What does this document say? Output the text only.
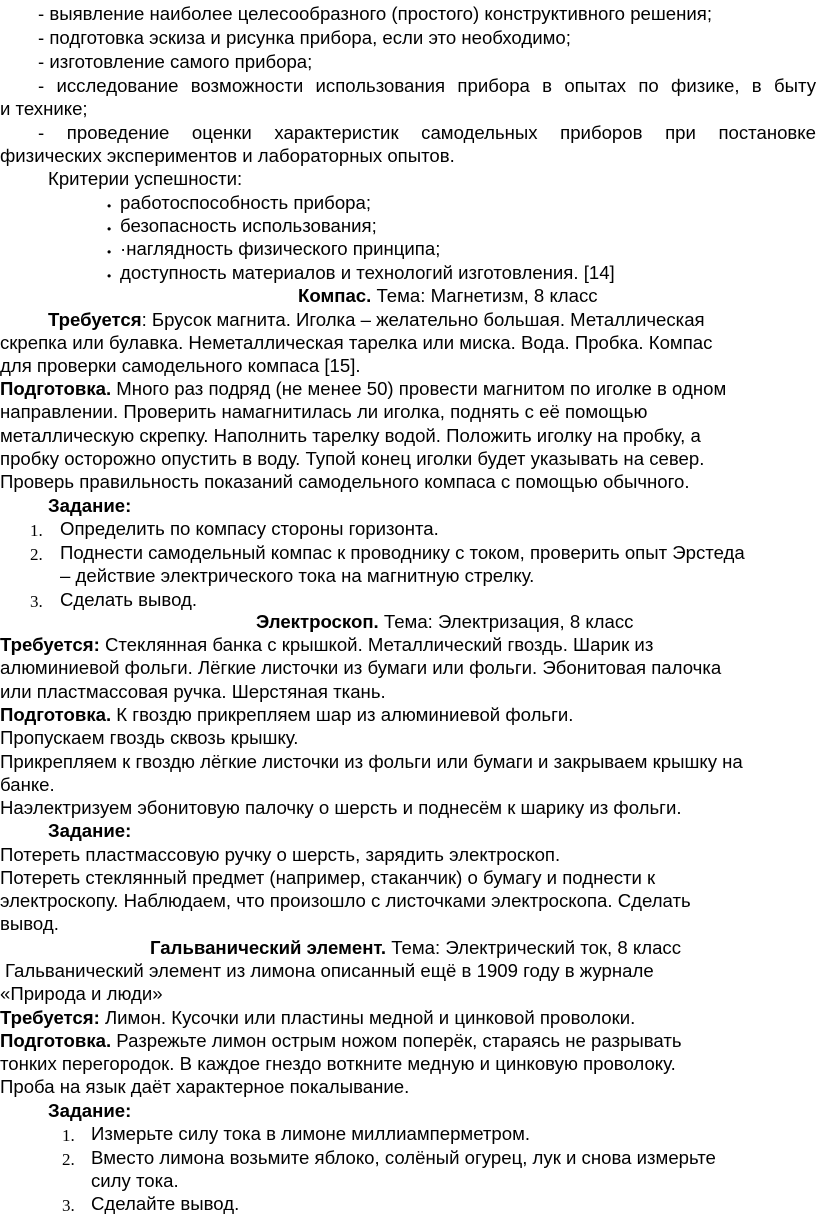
- выявление наиболее целесообразного (простого) конструктивного решения;
- подготовка эскиза и рисунка прибора, если это необходимо;
- изготовление самого прибора;
- исследование возможности использования прибора в опытах по физике, в быту
и технике;
- проведение оценки характеристик самодельных приборов при постановке
физических экспериментов и лабораторных опытов.
Критерии успешности:
• работоспособность прибора;
• безопасность использования;
• ·наглядность физического принципа;
• доступность материалов и технологий изготовления. [14]
Компас. Тема: Магнетизм, 8 класс
Требуется: Брусок магнита. Иголка – желательно большая. Металлическая
скрепка или булавка. Неметаллическая тарелка или миска. Вода. Пробка. Компас
для проверки самодельного компаса [15].
Подготовка. Много раз подряд (не менее 50) провести магнитом по иголке в одном
направлении. Проверить намагнитилась ли иголка, поднять с её помощью
металлическую скрепку. Наполнить тарелку водой. Положить иголку на пробку, а
пробку осторожно опустить в воду. Тупой конец иголки будет указывать на север.
Проверь правильность показаний самодельного компаса с помощью обычного.
Задание:
1. Определить по компасу стороны горизонта.
2. Поднести самодельный компас к проводнику с током, проверить опыт Эрстеда
– действие электрического тока на магнитную стрелку.
3. Сделать вывод.
Электроскоп. Тема: Электризация, 8 класс
Требуется: Стеклянная банка с крышкой. Металлический гвоздь. Шарик из
алюминиевой фольги. Лёгкие листочки из бумаги или фольги. Эбонитовая палочка
или пластмассовая ручка. Шерстяная ткань.
Подготовка. К гвоздю прикрепляем шар из алюминиевой фольги.
Пропускаем гвоздь сквозь крышку.
Прикрепляем к гвоздю лёгкие листочки из фольги или бумаги и закрываем крышку на
банке.
Наэлектризуем эбонитовую палочку о шерсть и поднесём к шарику из фольги.
Задание:
Потереть пластмассовую ручку о шерсть, зарядить электроскоп.
Потереть стеклянный предмет (например, стаканчик) о бумагу и поднести к
электроскопу. Наблюдаем, что произошло с листочками электроскопа. Сделать
вывод.
Гальванический элемент. Тема: Электрический ток, 8 класс
Гальванический элемент из лимона описанный ещё в 1909 году в журнале
«Природа и люди»
Требуется: Лимон. Кусочки или пластины медной и цинковой проволоки.
Подготовка. Разрежьте лимон острым ножом поперёк, стараясь не разрывать
тонких перегородок. В каждое гнездо воткните медную и цинковую проволоку.
Проба на язык даёт характерное покалывание.
Задание:
1. Измерьте силу тока в лимоне миллиамперметром.
2. Вместо лимона возьмите яблоко, солёный огурец, лук и снова измерьте
силу тока.
3. Сделайте вывод.
